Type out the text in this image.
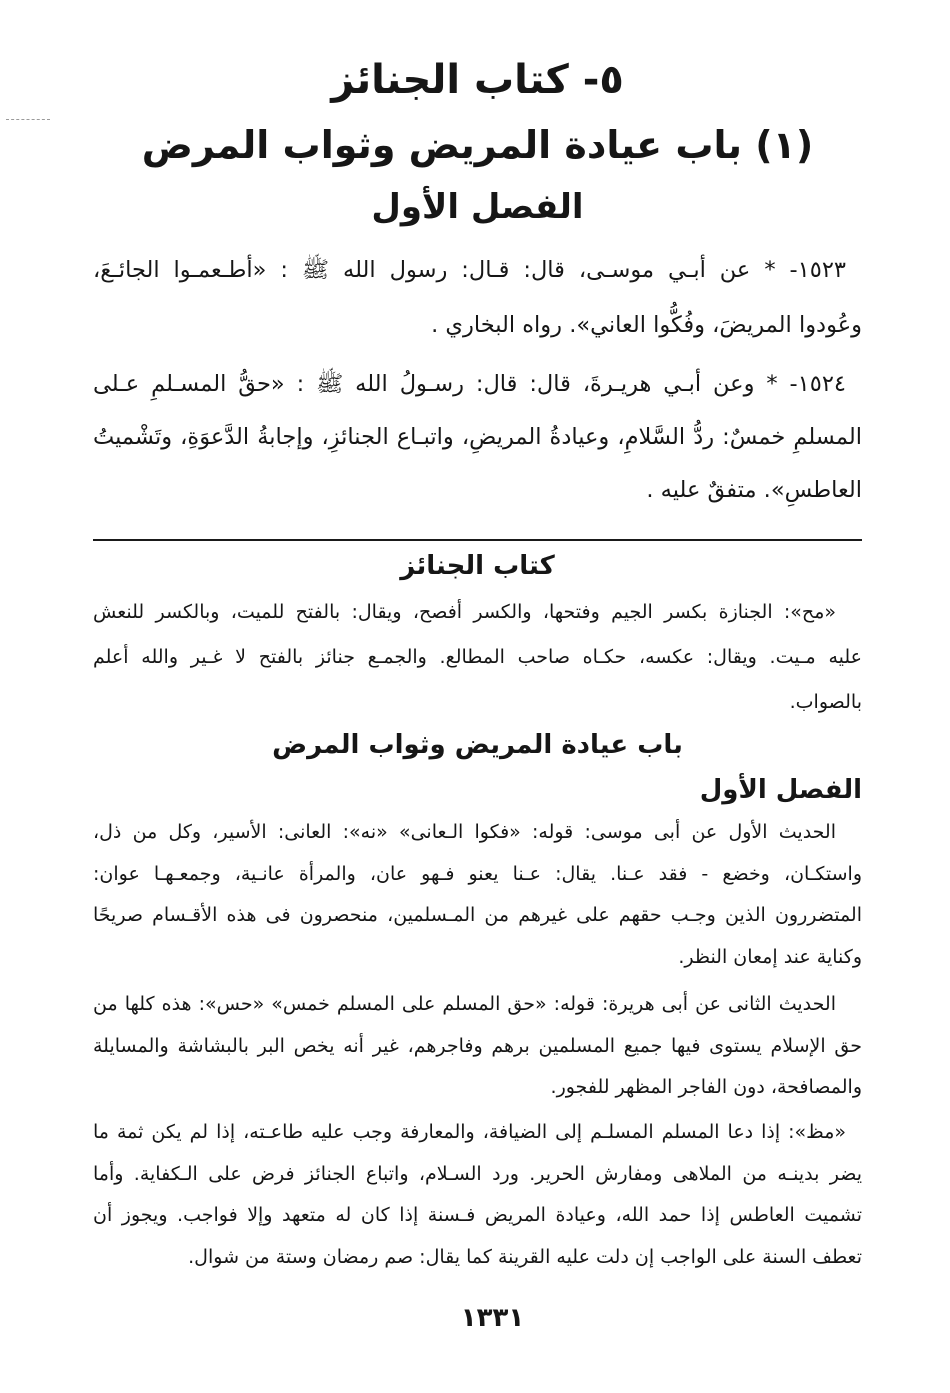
٥- كتاب الجنائز
(١) باب عيادة المريض وثواب المرض
الفصل الأول
١٥٢٣- * عن أبـي موسـى، قال: قـال: رسول الله ﷺ : «أطـعمـوا الجائـعَ،
وعُودوا المريضَ، وفُكُّوا العاني». رواه البخاري .
١٥٢٤- * وعن أبـي هريـرةَ، قال: قال: رسـولُ الله ﷺ : «حقُّ المسـلمِ عـلى
المسلمِ خمسٌ: ردُّ السَّلامِ، وعيادةُ المريضِ، واتبـاع الجنائزِ، وإجابةُ الدَّعوَةِ، وتَشْميتُ
العاطسِ». متفقٌ عليه .
كتاب الجنائز
«مح»: الجنازة بكسر الجيم وفتحها، والكسر أفصح، ويقال: بالفتح للميت، وبالكسر للنعش
عليه مـيت. ويقال: عكسه، حكـاه صاحب المطالع. والجمـع جنائز بالفتح لا غـير والله أعلم
بالصواب.
باب عيادة المريض وثواب المرض
الفصل الأول
الحديث الأول عن أبى موسى: قوله: «فكوا الـعانى» «نه»: العانى: الأسير، وكل من ذل،
واستكـان، وخضع - فقد عـنا. يقال: عـنا يعنو فـهو عان، والمرأة عانـية، وجمعـهـا عوان:
المتضررون الذين وجـب حقهم على غيرهم من المـسلمين، منحصرون فى هذه الأقـسام صريحًا
وكناية عند إمعان النظر.
الحديث الثانى عن أبى هريرة: قوله: «حق المسلم على المسلم خمس» «حس»: هذه كلها من
حق الإسلام يستوى فيها جميع المسلمين برهم وفاجرهم، غير أنه يخص البر بالبشاشة والمسايلة
والمصافحة، دون الفاجر المظهر للفجور.
«مظ»: إذا دعا المسلم المسلـم إلى الضيافة، والمعارفة وجب عليه طاعـته، إذا لم يكن ثمة ما
يضر بدينـه من الملاهى ومفارش الحرير. ورد السـلام، واتباع الجنائز فرض على الـكفاية. وأما
تشميت العاطس إذا حمد الله، وعيادة المريض فـسنة إذا كان له متعهد وإلا فواجب. ويجوز أن
تعطف السنة على الواجب إن دلت عليه القرينة كما يقال: صم رمضان وستة من شوال.
١٣٣١
